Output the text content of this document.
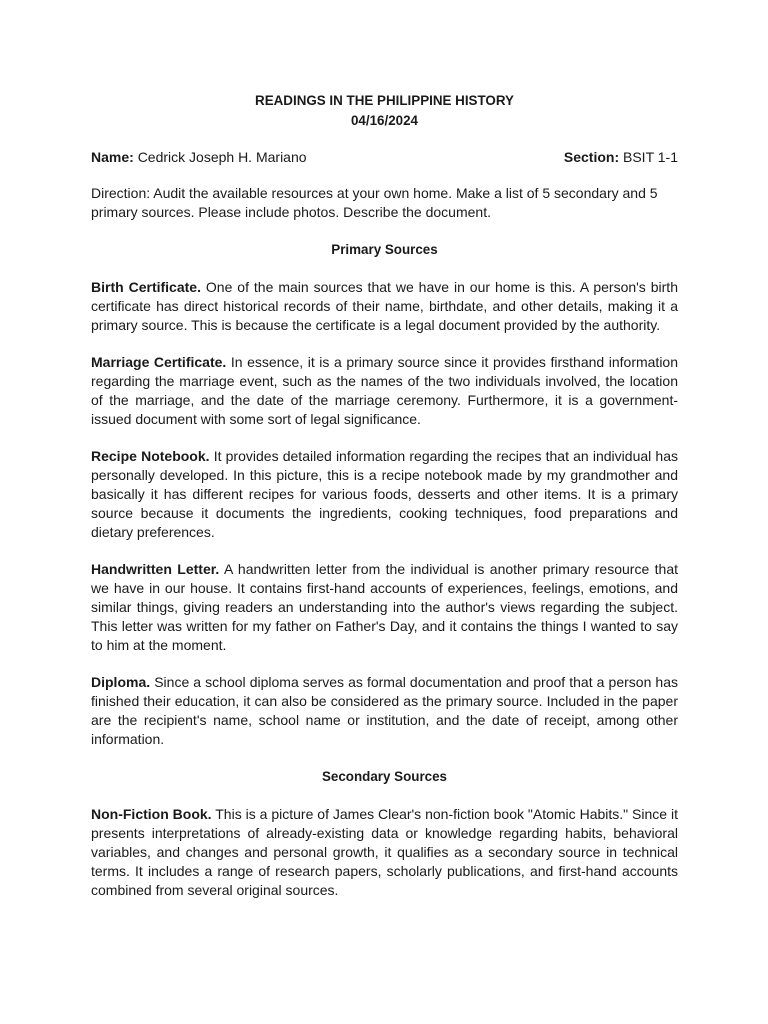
READINGS IN THE PHILIPPINE HISTORY
04/16/2024
Name: Cedrick Joseph H. Mariano	Section: BSIT 1-1

Direction: Audit the available resources at your own home. Make a list of 5 secondary and 5 primary sources. Please include photos. Describe the document.

Primary Sources

Birth Certificate. One of the main sources that we have in our home is this. A person's birth certificate has direct historical records of their name, birthdate, and other details, making it a primary source. This is because the certificate is a legal document provided by the authority.

Marriage Certificate. In essence, it is a primary source since it provides firsthand information regarding the marriage event, such as the names of the two individuals involved, the location of the marriage, and the date of the marriage ceremony. Furthermore, it is a government-issued document with some sort of legal significance.

Recipe Notebook. It provides detailed information regarding the recipes that an individual has personally developed. In this picture, this is a recipe notebook made by my grandmother and basically it has different recipes for various foods, desserts and other items. It is a primary source because it documents the ingredients, cooking techniques, food preparations and dietary preferences.

Handwritten Letter. A handwritten letter from the individual is another primary resource that we have in our house. It contains first-hand accounts of experiences, feelings, emotions, and similar things, giving readers an understanding into the author's views regarding the subject. This letter was written for my father on Father's Day, and it contains the things I wanted to say to him at the moment.

Diploma. Since a school diploma serves as formal documentation and proof that a person has finished their education, it can also be considered as the primary source. Included in the paper are the recipient's name, school name or institution, and the date of receipt, among other information.

Secondary Sources

Non-Fiction Book. This is a picture of James Clear's non-fiction book "Atomic Habits." Since it presents interpretations of already-existing data or knowledge regarding habits, behavioral variables, and changes and personal growth, it qualifies as a secondary source in technical terms. It includes a range of research papers, scholarly publications, and first-hand accounts combined from several original sources.
